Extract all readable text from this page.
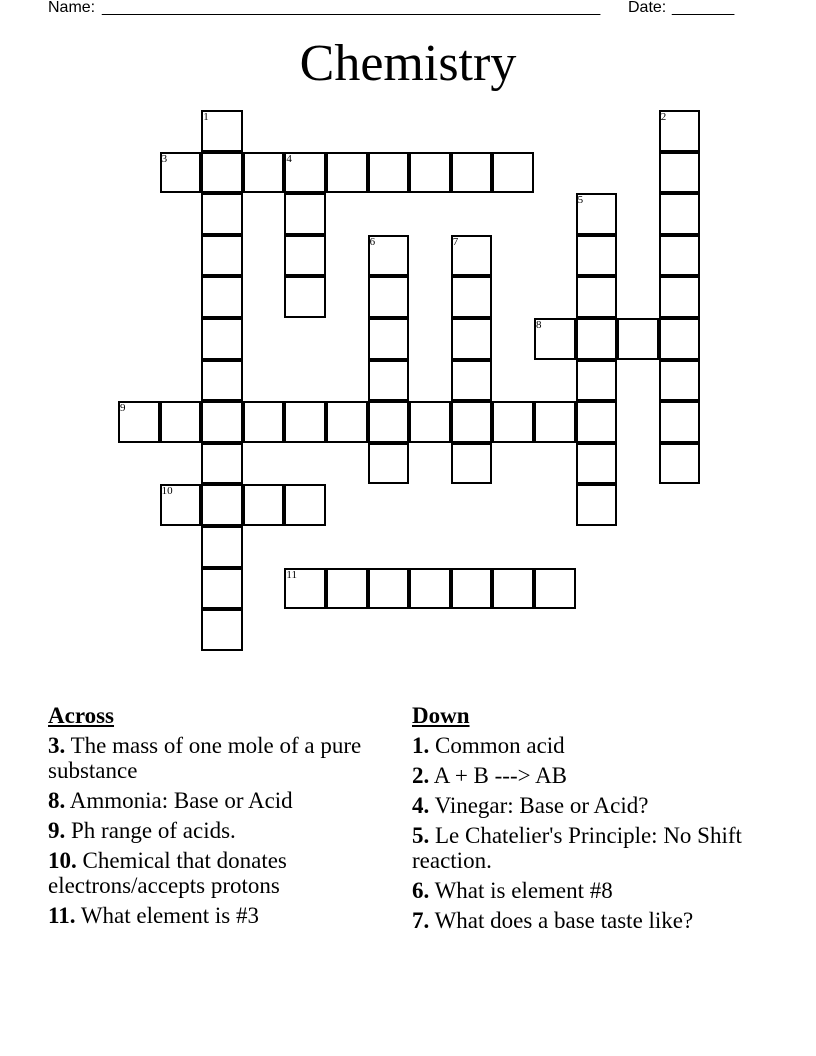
Name: ________________________________________________________ Date: _______
Chemistry
1	2
3	4
5
6	7
8
9
10
11
Across
3. The mass of one mole of a pure substance
8. Ammonia: Base or Acid
9. Ph range of acids.
10. Chemical that donates electrons/accepts protons
11. What element is #3
Down
1. Common acid
2. A + B ---> AB
4. Vinegar: Base or Acid?
5. Le Chatelier's Principle: No Shift reaction.
6. What is element #8
7. What does a base taste like?
